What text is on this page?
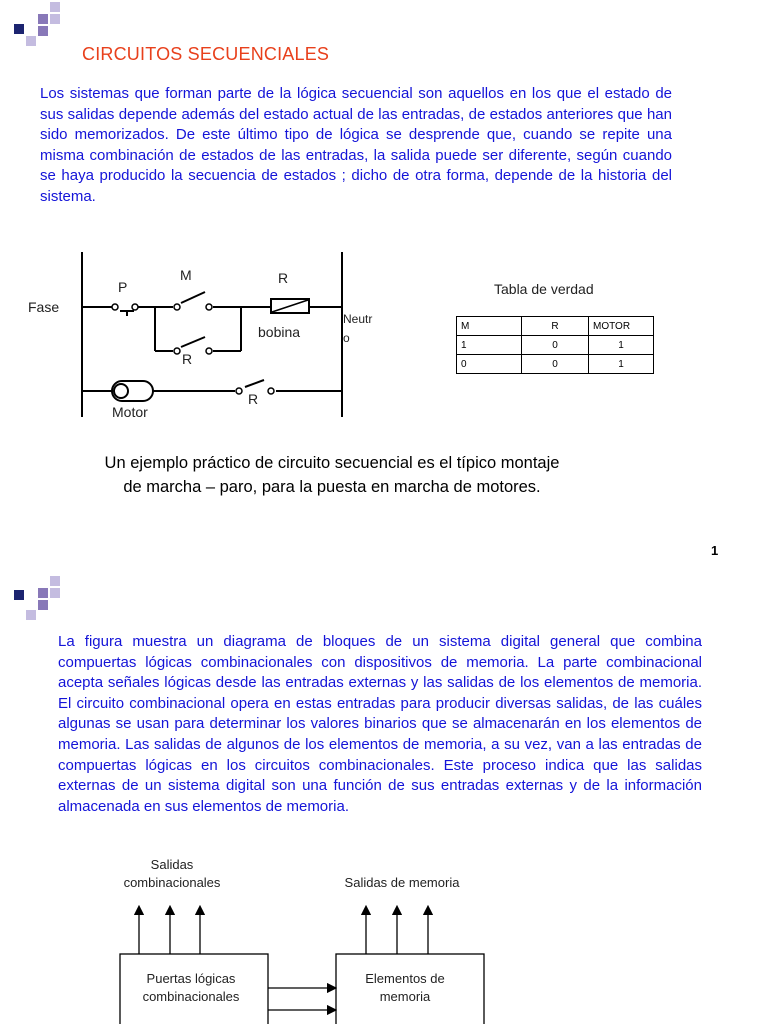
CIRCUITOS SECUENCIALES
Los sistemas que forman parte de la lógica secuencial son aquellos en los que el estado de sus salidas depende además del estado actual de las entradas, de estados anteriores que han sido memorizados. De este último tipo de lógica se desprende que, cuando se repite una misma combinación de estados de las entradas, la salida puede ser diferente, según cuando se haya producido la secuencia de estados ; dicho de otra forma, depende de la historia del sistema.
Fase
P
M	R
bobina
Neutr
o
R
R
Motor
Tabla de verdad
M	R	MOTOR
1	0	1
0	0	1
Un ejemplo práctico de circuito secuencial es el típico montaje
de marcha – paro, para la puesta en marcha de motores.
1
La figura muestra un diagrama de bloques de un sistema digital general que combina compuertas lógicas combinacionales con dispositivos de memoria. La parte combinacional acepta señales lógicas desde las entradas externas y las salidas de los elementos de memoria. El circuito combinacional opera en estas entradas para producir diversas salidas, de las cuáles algunas se usan para determinar los valores binarios que se almacenarán en los elementos de memoria. Las salidas de algunos de los elementos de memoria, a su vez, van a las entradas de compuertas lógicas en los circuitos combinacionales. Este proceso indica que las salidas externas de un sistema digital son una función de sus entradas externas y de la información almacenada en sus elementos de memoria.
Salidas
combinacionales	Salidas de memoria
Puertas lógicas
combinacionales
Elementos de
memoria
